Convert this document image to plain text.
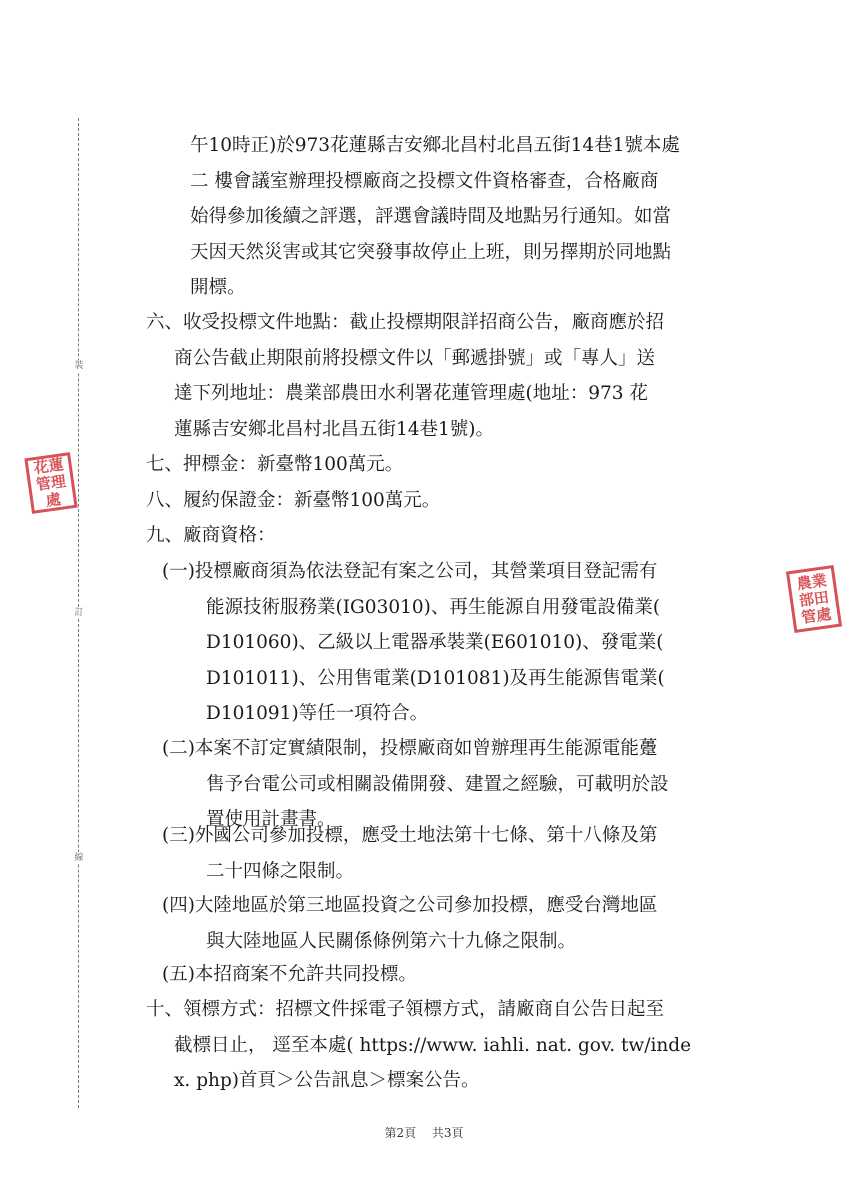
裝
訂
線
花蓮管理處
農業部田管處
午10時正)於973花蓮縣吉安鄉北昌村北昌五街14巷1號本處
二 樓會議室辦理投標廠商之投標文件資格審查，合格廠商
始得參加後續之評選，評選會議時間及地點另行通知。如當
天因天然災害或其它突發事故停止上班，則另擇期於同地點
開標。
六、收受投標文件地點：截止投標期限詳招商公告，廠商應於招
商公告截止期限前將投標文件以「郵遞掛號」或「專人」送
達下列地址：農業部農田水利署花蓮管理處(地址：973 花
蓮縣吉安鄉北昌村北昌五街14巷1號)。
七、押標金：新臺幣100萬元。
八、履約保證金：新臺幣100萬元。
九、廠商資格：
(一)投標廠商須為依法登記有案之公司，其營業項目登記需有
能源技術服務業(IG03010)、再生能源自用發電設備業(
D101060)、乙級以上電器承裝業(E601010)、發電業(
D101011)、公用售電業(D101081)及再生能源售電業(
D101091)等任一項符合。
(二)本案不訂定實績限制，投標廠商如曾辦理再生能源電能躉
售予台電公司或相關設備開發、建置之經驗，可載明於設
置使用計畫書。
(三)外國公司參加投標，應受土地法第十七條、第十八條及第
二十四條之限制。
(四)大陸地區於第三地區投資之公司參加投標，應受台灣地區
與大陸地區人民關係條例第六十九條之限制。
(五)本招商案不允許共同投標。
十、領標方式：招標文件採電子領標方式，請廠商自公告日起至
截標日止， 逕至本處( https://www. iahli. nat. gov. tw/inde
x. php)首頁＞公告訊息＞標案公告。
第2頁 共3頁
